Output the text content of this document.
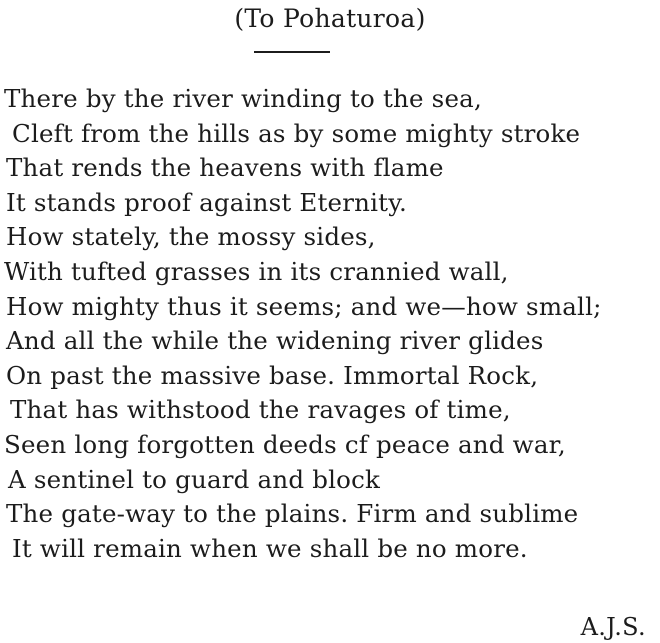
(To Pohaturoa)
There by the river winding to the sea,
Cleft from the hills as by some mighty stroke
That rends the heavens with flame
It stands proof against Eternity.
How stately, the mossy sides,
With tufted grasses in its crannied wall,
How mighty thus it seems; and we—how small;
And all the while the widening river glides
On past the massive base. Immortal Rock,
That has withstood the ravages of time,
Seen long forgotten deeds cf peace and war,
A sentinel to guard and block
The gate-way to the plains. Firm and sublime
It will remain when we shall be no more.
A.J.S.
